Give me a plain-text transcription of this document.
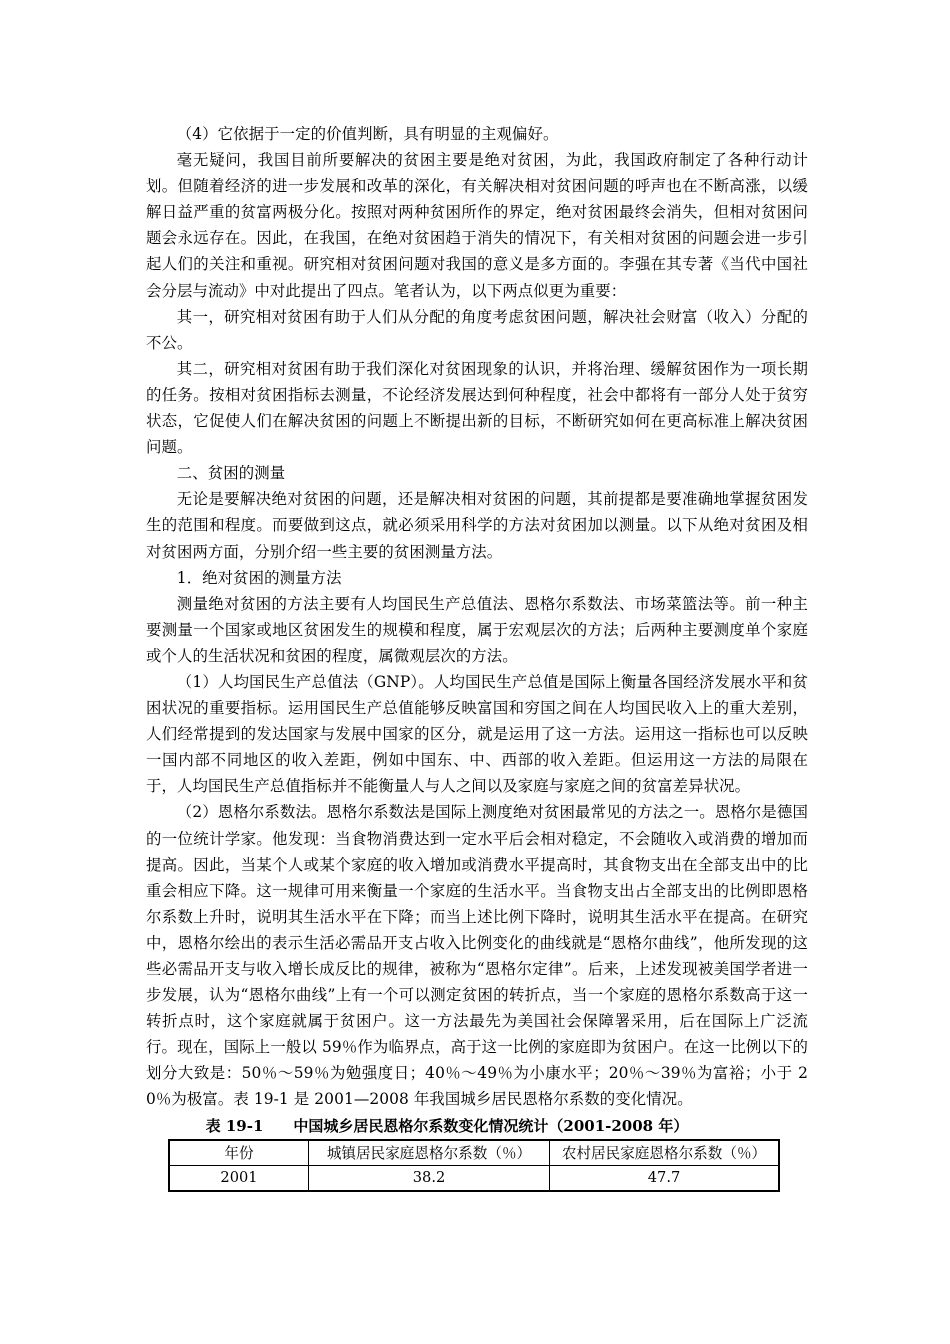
（4）它依据于一定的价值判断，具有明显的主观偏好。

毫无疑问，我国目前所要解决的贫困主要是绝对贫困，为此，我国政府制定了各种行动计划。但随着经济的进一步发展和改革的深化，有关解决相对贫困问题的呼声也在不断高涨，以缓解日益严重的贫富两极分化。按照对两种贫困所作的界定，绝对贫困最终会消失，但相对贫困问题会永远存在。因此，在我国，在绝对贫困趋于消失的情况下，有关相对贫困的问题会进一步引起人们的关注和重视。研究相对贫困问题对我国的意义是多方面的。李强在其专著《当代中国社会分层与流动》中对此提出了四点。笔者认为，以下两点似更为重要：

其一，研究相对贫困有助于人们从分配的角度考虑贫困问题，解决社会财富（收入）分配的不公。

其二，研究相对贫困有助于我们深化对贫困现象的认识，并将治理、缓解贫困作为一项长期的任务。按相对贫困指标去测量，不论经济发展达到何种程度，社会中都将有一部分人处于贫穷状态，它促使人们在解决贫困的问题上不断提出新的目标，不断研究如何在更高标准上解决贫困问题。

二、贫困的测量

无论是要解决绝对贫困的问题，还是解决相对贫困的问题，其前提都是要准确地掌握贫困发生的范围和程度。而要做到这点，就必须采用科学的方法对贫困加以测量。以下从绝对贫困及相对贫困两方面，分别介绍一些主要的贫困测量方法。

1．绝对贫困的测量方法

测量绝对贫困的方法主要有人均国民生产总值法、恩格尔系数法、市场菜篮法等。前一种主要测量一个国家或地区贫困发生的规模和程度，属于宏观层次的方法；后两种主要测度单个家庭或个人的生活状况和贫困的程度，属微观层次的方法。

（1）人均国民生产总值法（GNP）。人均国民生产总值是国际上衡量各国经济发展水平和贫困状况的重要指标。运用国民生产总值能够反映富国和穷国之间在人均国民收入上的重大差别，人们经常提到的发达国家与发展中国家的区分，就是运用了这一方法。运用这一指标也可以反映一国内部不同地区的收入差距，例如中国东、中、西部的收入差距。但运用这一方法的局限在于，人均国民生产总值指标并不能衡量人与人之间以及家庭与家庭之间的贫富差异状况。

（2）恩格尔系数法。恩格尔系数法是国际上测度绝对贫困最常见的方法之一。恩格尔是德国的一位统计学家。他发现：当食物消费达到一定水平后会相对稳定，不会随收入或消费的增加而提高。因此，当某个人或某个家庭的收入增加或消费水平提高时，其食物支出在全部支出中的比重会相应下降。这一规律可用来衡量一个家庭的生活水平。当食物支出占全部支出的比例即恩格尔系数上升时，说明其生活水平在下降；而当上述比例下降时，说明其生活水平在提高。在研究中，恩格尔绘出的表示生活必需品开支占收入比例变化的曲线就是“恩格尔曲线”，他所发现的这些必需品开支与收入增长成反比的规律，被称为“恩格尔定律”。后来，上述发现被美国学者进一步发展，认为“恩格尔曲线”上有一个可以测定贫困的转折点，当一个家庭的恩格尔系数高于这一转折点时，这个家庭就属于贫困户。这一方法最先为美国社会保障署采用，后在国际上广泛流行。现在，国际上一般以 59％作为临界点，高于这一比例的家庭即为贫困户。在这一比例以下的划分大致是：50％～59％为勉强度日；40％～49％为小康水平；20％～39％为富裕；小于 20％为极富。表 19-1 是 2001—2008 年我国城乡居民恩格尔系数的变化情况。

表 19-1　　中国城乡居民恩格尔系数变化情况统计（2001-2008 年）

年份	城镇居民家庭恩格尔系数（％）	农村居民家庭恩格尔系数（％）
2001	38.2	47.7
